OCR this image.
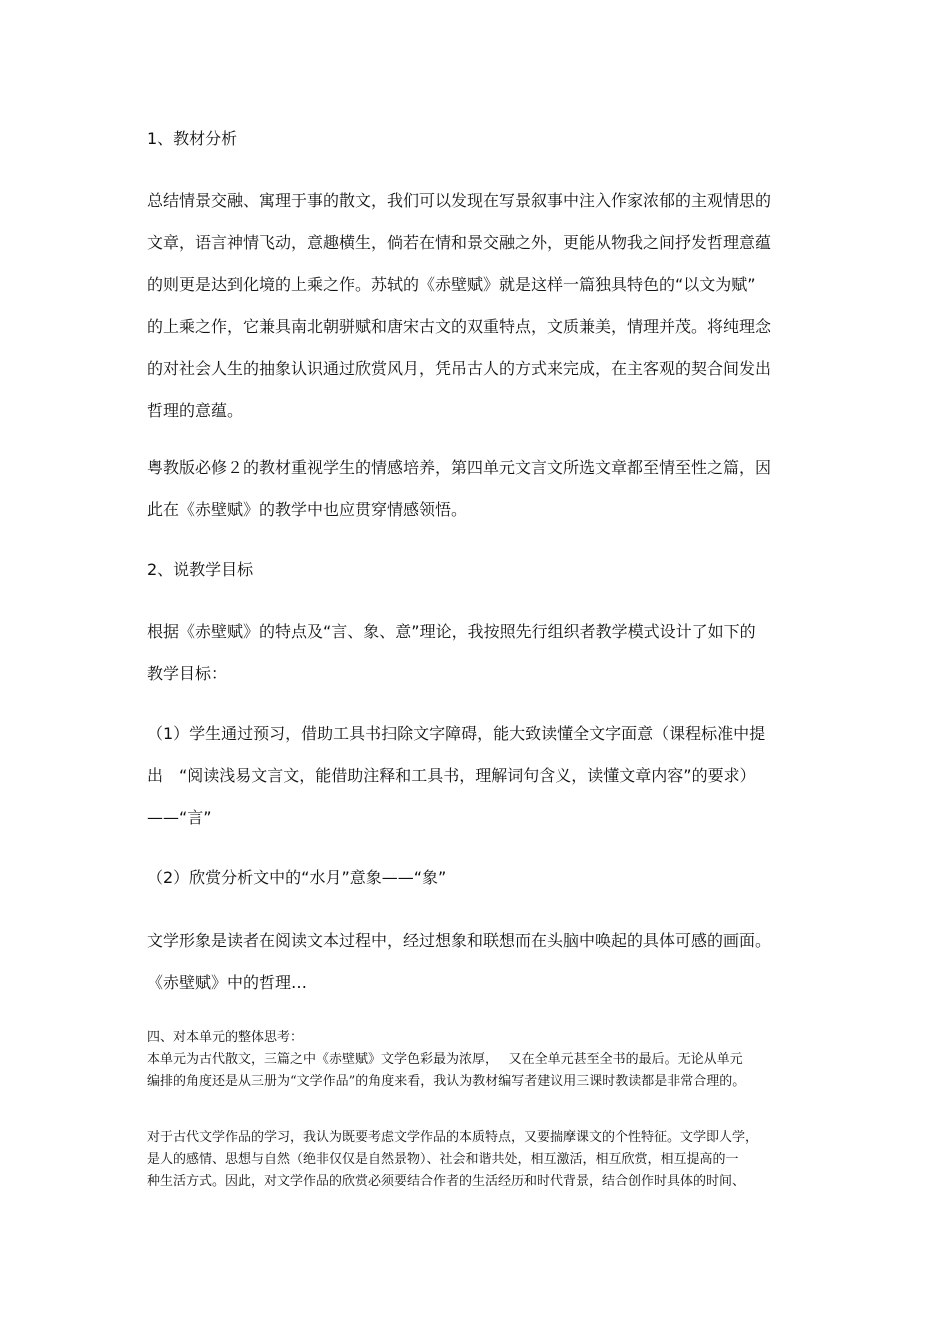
1、教材分析
总结情景交融、寓理于事的散文，我们可以发现在写景叙事中注入作家浓郁的主观情思的
文章，语言神情飞动，意趣横生，倘若在情和景交融之外，更能从物我之间抒发哲理意蕴
的则更是达到化境的上乘之作。苏轼的《赤壁赋》就是这样一篇独具特色的“以文为赋”
的上乘之作，它兼具南北朝骈赋和唐宋古文的双重特点，文质兼美，情理并茂。将纯理念
的对社会人生的抽象认识通过欣赏风月，凭吊古人的方式来完成，在主客观的契合间发出
哲理的意蕴。
粤教版必修２的教材重视学生的情感培养，第四单元文言文所选文章都至情至性之篇，因
此在《赤壁赋》的教学中也应贯穿情感领悟。
2、说教学目标
根据《赤壁赋》的特点及“言、象、意”理论，我按照先行组织者教学模式设计了如下的
教学目标：
（1）学生通过预习，借助工具书扫除文字障碍，能大致读懂全文字面意（课程标准中提
出　“阅读浅易文言文，能借助注释和工具书，理解词句含义，读懂文章内容”的要求）
——“言”
（2）欣赏分析文中的“水月”意象——“象”
文学形象是读者在阅读文本过程中，经过想象和联想而在头脑中唤起的具体可感的画面。
《赤壁赋》中的哲理…
四、对本单元的整体思考：
本单元为古代散文，三篇之中《赤壁赋》文学色彩最为浓厚，　 又在全单元甚至全书的最后。无论从单元
编排的角度还是从三册为“文学作品”的角度来看，我认为教材编写者建议用三课时教读都是非常合理的。
对于古代文学作品的学习，我认为既要考虑文学作品的本质特点，又要揣摩课文的个性特征。文学即人学，
是人的感情、思想与自然（绝非仅仅是自然景物）、社会和谐共处，相互激活，相互欣赏，相互提高的一
种生活方式。因此，对文学作品的欣赏必须要结合作者的生活经历和时代背景，结合创作时具体的时间、
